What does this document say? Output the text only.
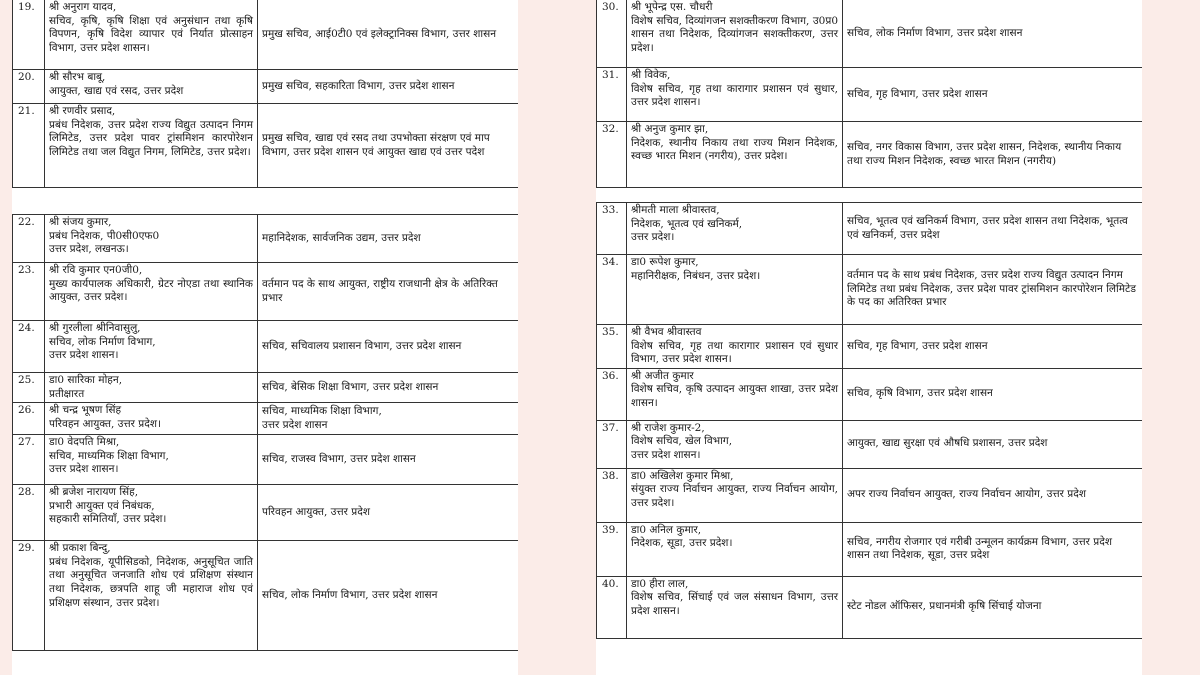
19.	श्री अनुराग यादव,
सचिव, कृषि, कृषि शिक्षा एवं अनुसंधान तथा कृषि विपणन, कृषि विदेश व्यापार एवं निर्यात प्रोत्साहन विभाग, उत्तर प्रदेश शासन।	प्रमुख सचिव, आई0टी0 एवं इलेक्ट्रानिक्स विभाग, उत्तर शासन
20.	श्री सौरभ बाबू,
आयुक्त, खाद्य एवं रसद, उत्तर प्रदेश	प्रमुख सचिव, सहकारिता विभाग, उत्तर प्रदेश शासन
21.	श्री रणवीर प्रसाद,
प्रबंध निदेशक, उत्तर प्रदेश राज्य विद्युत उत्पादन निगम लिमिटेड, उत्तर प्रदेश पावर ट्रांसमिशन कारपोरेशन लिमिटेड तथा जल विद्युत निगम, लिमिटेड, उत्तर प्रदेश।	प्रमुख सचिव, खाद्य एवं रसद तथा उपभोक्ता संरक्षण एवं माप विभाग, उत्तर प्रदेश शासन एवं आयुक्त खाद्य एवं उत्तर पदेश
22.	श्री संजय कुमार,
प्रबंध निदेशक, पी0सी0एफ0
उत्तर प्रदेश, लखनऊ।	महानिदेशक, सार्वजनिक उद्यम, उत्तर प्रदेश
23.	श्री रवि कुमार एन0जी0,
मुख्य कार्यपालक अधिकारी, ग्रेटर नोएडा तथा स्थानिक आयुक्त, उत्तर प्रदेश।	वर्तमान पद के साथ आयुक्त, राष्ट्रीय राजधानी क्षेत्र के अतिरिक्त प्रभार
24.	श्री गुरलीला श्रीनिवासुलु,
सचिव, लोक निर्माण विभाग,
उत्तर प्रदेश शासन।	सचिव, सचिवालय प्रशासन विभाग, उत्तर प्रदेश शासन
25.	डा0 सारिका मोहन,
प्रतीक्षारत	सचिव, बेसिक शिक्षा विभाग, उत्तर प्रदेश शासन
26.	श्री चन्द्र भूषण सिंह
परिवहन आयुक्त, उत्तर प्रदेश।	सचिव, माध्यमिक शिक्षा विभाग,
उत्तर प्रदेश शासन
27.	डा0 वेदपति मिश्रा,
सचिव, माध्यमिक शिक्षा विभाग,
उत्तर प्रदेश शासन।	सचिव, राजस्व विभाग, उत्तर प्रदेश शासन
28.	श्री ब्रजेश नारायण सिंह,
प्रभारी आयुक्त एवं निबंधक,
सहकारी समितियाँ, उत्तर प्रदेश।	परिवहन आयुक्त, उत्तर प्रदेश
29.	श्री प्रकाश बिन्दु,
प्रबंध निदेशक, यूपीसिडको, निदेशक, अनुसूचित जाति तथा अनुसूचित जनजाति शोध एवं प्रशिक्षण संस्थान तथा निदेशक, छत्रपति शाहू जी महाराज शोध एवं प्रशिक्षण संस्थान, उत्तर प्रदेश।	सचिव, लोक निर्माण विभाग, उत्तर प्रदेश शासन
30.	श्री भूपेन्द्र एस. चौधरी
विशेष सचिव, दिव्यांगजन सशक्तीकरण विभाग, उ0प्र0 शासन तथा निदेशक, दिव्यांगजन सशक्तीकरण, उत्तर प्रदेश।	सचिव, लोक निर्माण विभाग, उत्तर प्रदेश शासन
31.	श्री विवेक,
विशेष सचिव, गृह तथा कारागार प्रशासन एवं सुधार, उत्तर प्रदेश शासन।	सचिव, गृह विभाग, उत्तर प्रदेश शासन
32.	श्री अनुज कुमार झा,
निदेशक, स्थानीय निकाय तथा राज्य मिशन निदेशक, स्वच्छ भारत मिशन (नगरीय), उत्तर प्रदेश।	सचिव, नगर विकास विभाग, उत्तर प्रदेश शासन, निदेशक, स्थानीय निकाय तथा राज्य मिशन निदेशक, स्वच्छ भारत मिशन (नगरीय)
33.	श्रीमती माला श्रीवास्तव,
निदेशक, भूतत्व एवं खनिकर्म,
उत्तर प्रदेश।	सचिव, भूतत्व एवं खनिकर्म विभाग, उत्तर प्रदेश शासन तथा निदेशक, भूतत्व एवं खनिकर्म, उत्तर प्रदेश
34.	डा0 रूपेश कुमार,
महानिरीक्षक, निबंधन, उत्तर प्रदेश।	वर्तमान पद के साथ प्रबंध निदेशक, उत्तर प्रदेश राज्य विद्युत उत्पादन निगम लिमिटेड तथा प्रबंध निदेशक, उत्तर प्रदेश पावर ट्रांसमिशन कारपोरेशन लिमिटेड के पद का अतिरिक्त प्रभार
35.	श्री वैभव श्रीवास्तव
विशेष सचिव, गृह तथा कारागार प्रशासन एवं सुधार विभाग, उत्तर प्रदेश शासन।	सचिव, गृह विभाग, उत्तर प्रदेश शासन
36.	श्री अजीत कुमार
विशेष सचिव, कृषि उत्पादन आयुक्त शाखा, उत्तर प्रदेश शासन।	सचिव, कृषि विभाग, उत्तर प्रदेश शासन
37.	श्री राजेश कुमार-2,
विशेष सचिव, खेल विभाग,
उत्तर प्रदेश शासन।	आयुक्त, खाद्य सुरक्षा एवं औषधि प्रशासन, उत्तर प्रदेश
38.	डा0 अखिलेश कुमार मिश्रा,
संयुक्त राज्य निर्वाचन आयुक्त, राज्य निर्वाचन आयोग, उत्तर प्रदेश।	अपर राज्य निर्वाचन आयुक्त, राज्य निर्वाचन आयोग, उत्तर प्रदेश
39.	डा0 अनिल कुमार,
निदेशक, सूडा, उत्तर प्रदेश।	सचिव, नगरीय रोजगार एवं गरीबी उन्मूलन कार्यक्रम विभाग, उत्तर प्रदेश शासन तथा निदेशक, सूडा, उत्तर प्रदेश
40.	डा0 हीरा लाल,
विशेष सचिव, सिंचाई एवं जल संसाधन विभाग, उत्तर प्रदेश शासन।	स्टेट नोडल ऑफिसर, प्रधानमंत्री कृषि सिंचाई योजना
